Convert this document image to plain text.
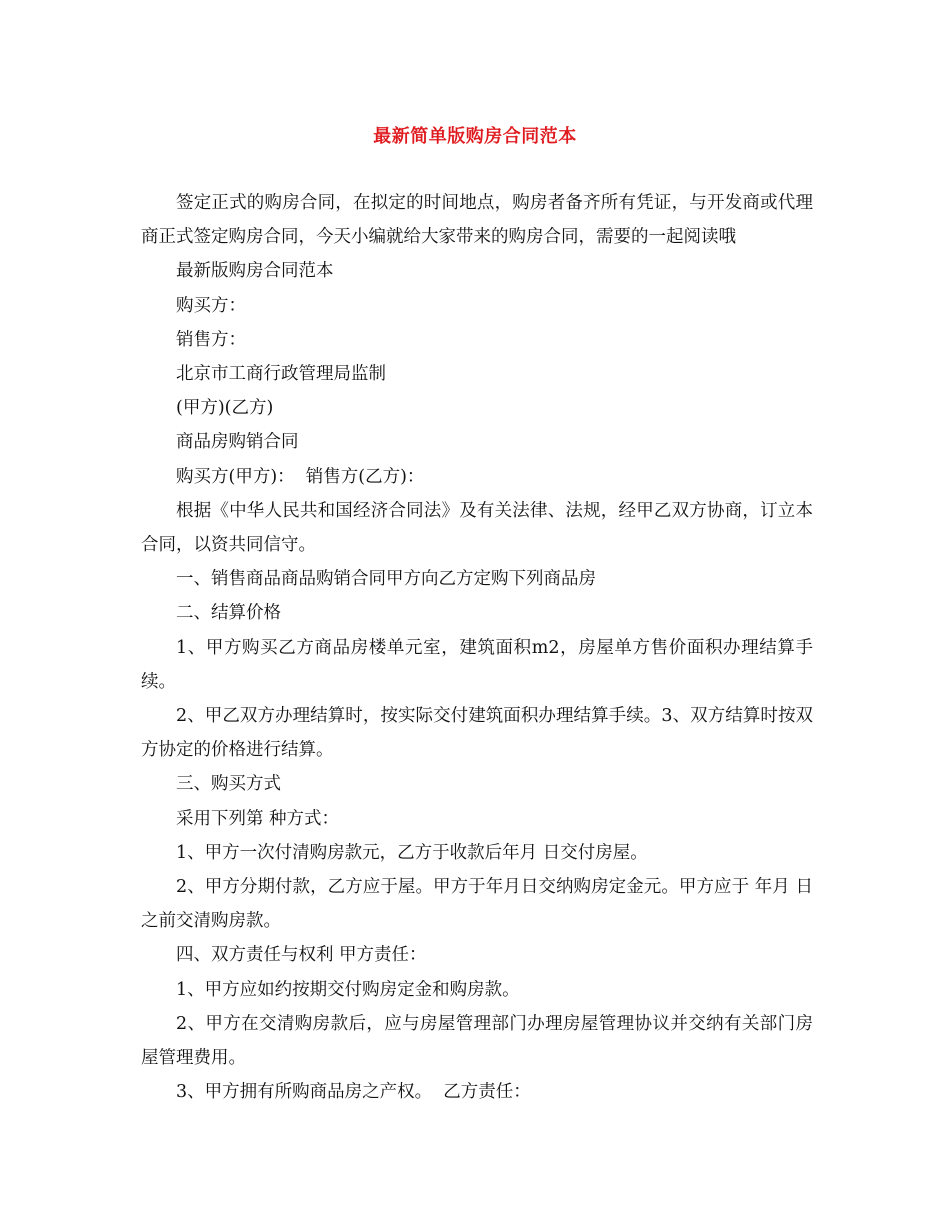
最新简单版购房合同范本

签定正式的购房合同，在拟定的时间地点，购房者备齐所有凭证，与开发商或代理商正式签定购房合同，今天小编就给大家带来的购房合同，需要的一起阅读哦

最新版购房合同范本

购买方：

销售方：

北京市工商行政管理局监制

(甲方)(乙方)

商品房购销合同

购买方(甲方)：  销售方(乙方)：

根据《中华人民共和国经济合同法》及有关法律、法规，经甲乙双方协商，订立本合同，以资共同信守。

一、销售商品商品购销合同甲方向乙方定购下列商品房

二、结算价格

1、甲方购买乙方商品房楼单元室，建筑面积m2，房屋单方售价面积办理结算手续。

2、甲乙双方办理结算时，按实际交付建筑面积办理结算手续。3、双方结算时按双方协定的价格进行结算。

三、购买方式

采用下列第 种方式：

1、甲方一次付清购房款元，乙方于收款后年月 日交付房屋。

2、甲方分期付款，乙方应于屋。甲方于年月日交纳购房定金元。甲方应于 年月 日之前交清购房款。

四、双方责任与权利 甲方责任：

1、甲方应如约按期交付购房定金和购房款。

2、甲方在交清购房款后，应与房屋管理部门办理房屋管理协议并交纳有关部门房屋管理费用。

3、甲方拥有所购商品房之产权。  乙方责任：
